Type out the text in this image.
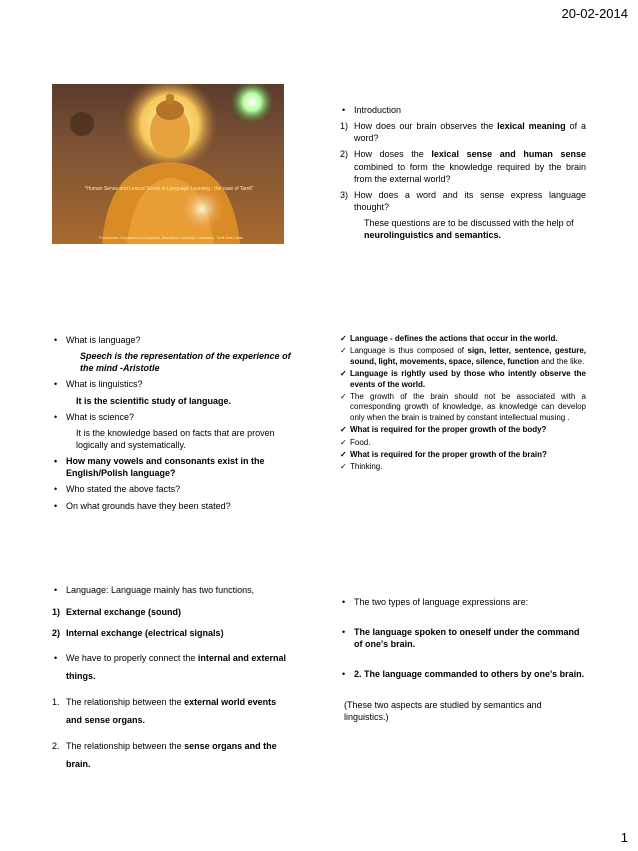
20-02-2014
"Human Sense and Lexical Sense in Language Learning : the case of Tamil"
P.Jayakumar, Department of Linguistics, Bharathiar University, Coimbatore, Tamil Nadu, India
• Introduction
1) How does our brain observes the lexical meaning of a word?
2) How doses the lexical sense and human sense combined to form the knowledge required by the brain from the external world?
3) How does a word and its sense express language thought?
These questions are to be discussed with the help of neurolinguistics and semantics.
• What is language?
Speech is the representation of the experience of the mind -Aristotle
• What is linguistics?
It is the scientific study of language.
• What is science?
It is the knowledge based on facts that are proven logically and systematically.
• How many vowels and consonants exist in the English/Polish language?
• Who stated the above facts?
• On what grounds have they been stated?
✓ Language - defines the actions that occur in the world.
✓ Language is thus composed of sign, letter, sentence, gesture, sound, light, movements, space, silence, function and the like.
✓ Language is rightly used by those who intently observe the events of the world.
✓ The growth of the brain should not be associated with a corresponding growth of knowledge, as knowledge can develop only when the brain is trained by constant intellectual musing .
✓ What is required for the proper growth of the body?
✓ Food.
✓ What is required for the proper growth of the brain?
✓ Thinking.
• Language: Language mainly has two functions,
1) External exchange (sound)
2) Internal exchange (electrical signals)
• We have to properly connect the internal and external things.
1. The relationship between the external world events and sense organs.
2. The relationship between the sense organs and the brain.
• The two types of language expressions are:
• The language spoken to oneself under the command of one's brain.
• 2. The language commanded to others by one's brain.
(These two aspects are studied by semantics and linguistics.)
1
